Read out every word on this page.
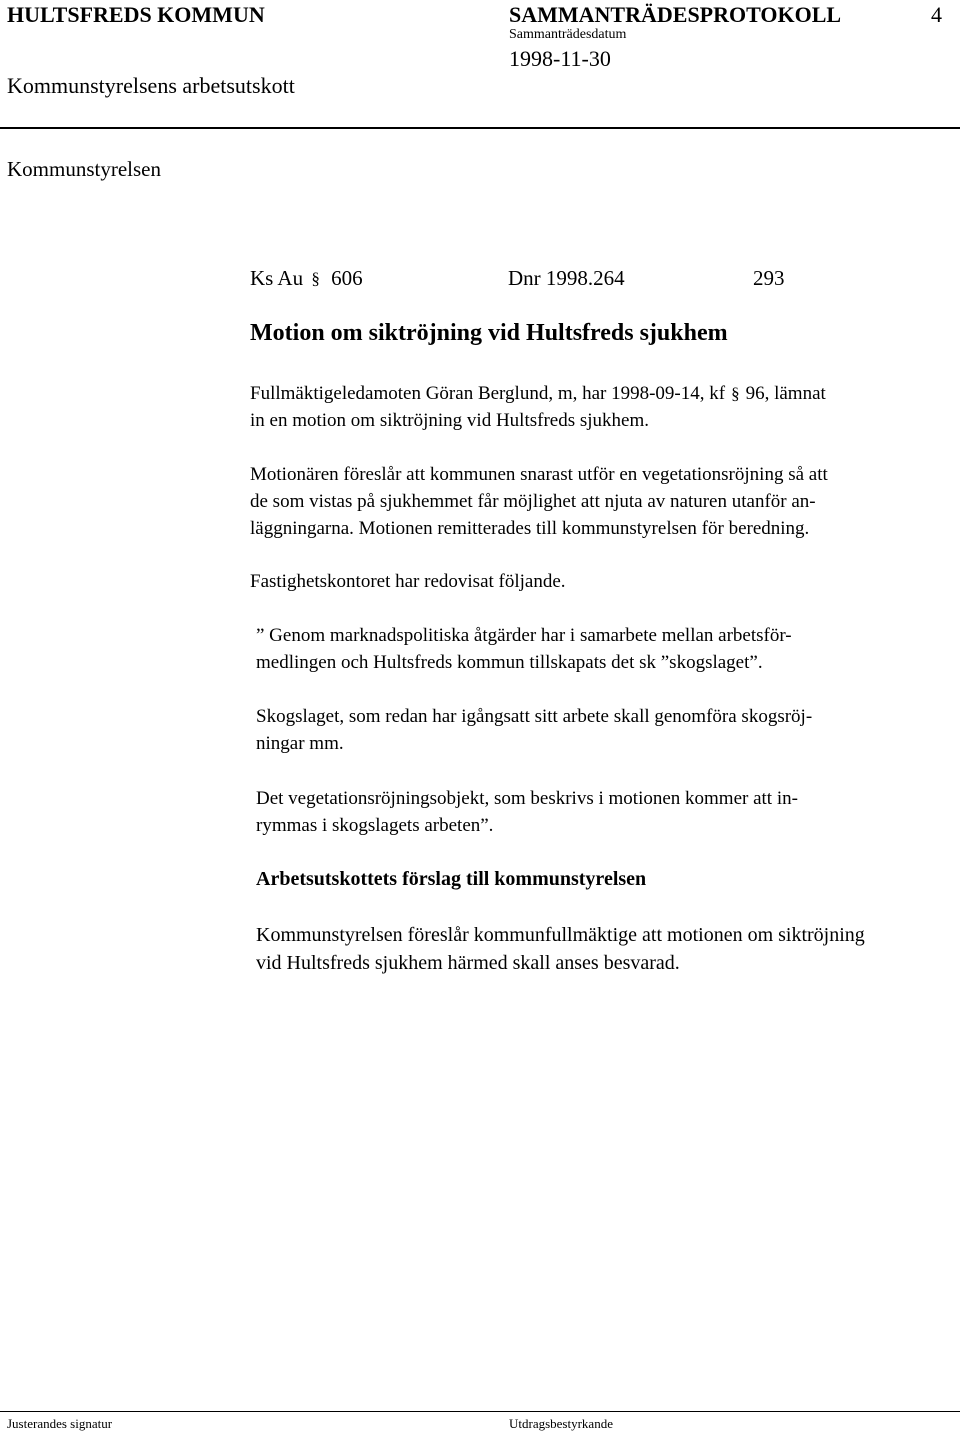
HULTSFREDS KOMMUN	SAMMANTRÄDESPROTOKOLL	4
Sammanträdesdatum
1998-11-30
Kommunstyrelsens arbetsutskott
Kommunstyrelsen
Ks Au § 606	Dnr 1998.264	293
Motion om siktröjning vid Hultsfreds sjukhem
Fullmäktigeledamoten Göran Berglund, m, har 1998-09-14, kf § 96, lämnat
in en motion om siktröjning vid Hultsfreds sjukhem.
Motionären föreslår att kommunen snarast utför en vegetationsröjning så att
de som vistas på sjukhemmet får möjlighet att njuta av naturen utanför an-
läggningarna. Motionen remitterades till kommunstyrelsen för beredning.
Fastighetskontoret har redovisat följande.
” Genom marknadspolitiska åtgärder har i samarbete mellan arbetsför-
medlingen och Hultsfreds kommun tillskapats det sk ”skogslaget”.
Skogslaget, som redan har igångsatt sitt arbete skall genomföra skogsröj-
ningar mm.
Det vegetationsröjningsobjekt, som beskrivs i motionen kommer att in-
rymmas i skogslagets arbeten”.
Arbetsutskottets förslag till kommunstyrelsen
Kommunstyrelsen föreslår kommunfullmäktige att motionen om siktröjning
vid Hultsfreds sjukhem härmed skall anses besvarad.
Justerandes signatur	Utdragsbestyrkande
